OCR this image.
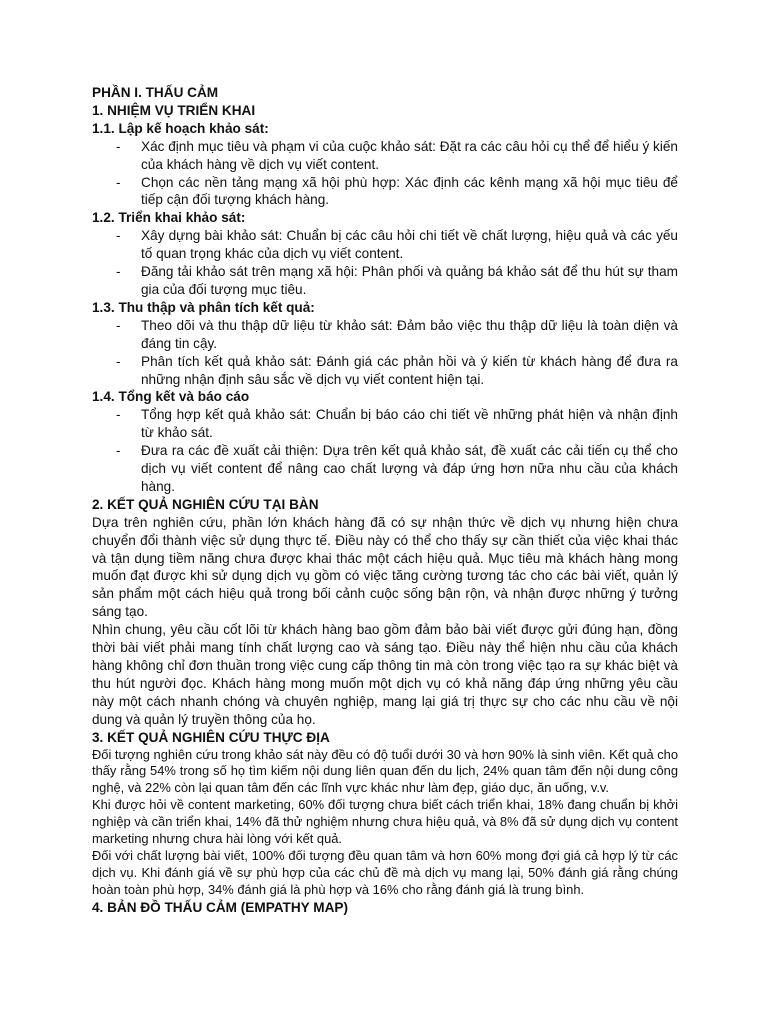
PHẦN I. THẤU CẢM

1. NHIỆM VỤ TRIỂN KHAI

1.1. Lập kế hoạch khảo sát:

- Xác định mục tiêu và phạm vi của cuộc khảo sát: Đặt ra các câu hỏi cụ thể để hiểu ý kiến của khách hàng về dịch vụ viết content.
- Chọn các nền tảng mạng xã hội phù hợp: Xác định các kênh mạng xã hội mục tiêu để tiếp cận đối tượng khách hàng.

1.2. Triển khai khảo sát:

- Xây dựng bài khảo sát: Chuẩn bị các câu hỏi chi tiết về chất lượng, hiệu quả và các yếu tố quan trọng khác của dịch vụ viết content.
- Đăng tải khảo sát trên mạng xã hội: Phân phối và quảng bá khảo sát để thu hút sự tham gia của đối tượng mục tiêu.

1.3. Thu thập và phân tích kết quả:

- Theo dõi và thu thập dữ liệu từ khảo sát: Đảm bảo việc thu thập dữ liệu là toàn diện và đáng tin cậy.
- Phân tích kết quả khảo sát: Đánh giá các phản hồi và ý kiến từ khách hàng để đưa ra những nhận định sâu sắc về dịch vụ viết content hiện tại.

1.4. Tổng kết và báo cáo

- Tổng hợp kết quả khảo sát: Chuẩn bị báo cáo chi tiết về những phát hiện và nhận định từ khảo sát.
- Đưa ra các đề xuất cải thiện: Dựa trên kết quả khảo sát, đề xuất các cải tiến cụ thể cho dịch vụ viết content để nâng cao chất lượng và đáp ứng hơn nữa nhu cầu của khách hàng.

2. KẾT QUẢ NGHIÊN CỨU TẠI BÀN

Dựa trên nghiên cứu, phần lớn khách hàng đã có sự nhận thức về dịch vụ nhưng hiện chưa chuyển đổi thành việc sử dụng thực tế. Điều này có thể cho thấy sự cần thiết của việc khai thác và tận dụng tiềm năng chưa được khai thác một cách hiệu quả. Mục tiêu mà khách hàng mong muốn đạt được khi sử dụng dịch vụ gồm có việc tăng cường tương tác cho các bài viết, quản lý sản phẩm một cách hiệu quả trong bối cảnh cuộc sống bận rộn, và nhận được những ý tưởng sáng tạo.

Nhìn chung, yêu cầu cốt lõi từ khách hàng bao gồm đảm bảo bài viết được gửi đúng hạn, đồng thời bài viết phải mang tính chất lượng cao và sáng tạo. Điều này thể hiện nhu cầu của khách hàng không chỉ đơn thuần trong việc cung cấp thông tin mà còn trong việc tạo ra sự khác biệt và thu hút người đọc. Khách hàng mong muốn một dịch vụ có khả năng đáp ứng những yêu cầu này một cách nhanh chóng và chuyên nghiệp, mang lại giá trị thực sự cho các nhu cầu về nội dung và quản lý truyền thông của họ.

3. KẾT QUẢ NGHIÊN CỨU THỰC ĐỊA

Đối tượng nghiên cứu trong khảo sát này đều có độ tuổi dưới 30 và hơn 90% là sinh viên. Kết quả cho thấy rằng 54% trong số họ tìm kiếm nội dung liên quan đến du lịch, 24% quan tâm đến nội dung công nghệ, và 22% còn lại quan tâm đến các lĩnh vực khác như làm đẹp, giáo dục, ăn uống, v.v.

Khi được hỏi về content marketing, 60% đối tượng chưa biết cách triển khai, 18% đang chuẩn bị khởi nghiệp và cần triển khai, 14% đã thử nghiệm nhưng chưa hiệu quả, và 8% đã sử dụng dịch vụ content marketing nhưng chưa hài lòng với kết quả.

Đối với chất lượng bài viết, 100% đối tượng đều quan tâm và hơn 60% mong đợi giá cả hợp lý từ các dịch vụ. Khi đánh giá về sự phù hợp của các chủ đề mà dịch vụ mang lại, 50% đánh giá rằng chúng hoàn toàn phù hợp, 34% đánh giá là phù hợp và 16% cho rằng đánh giá là trung bình.

4. BẢN ĐỒ THẤU CẢM (EMPATHY MAP)
